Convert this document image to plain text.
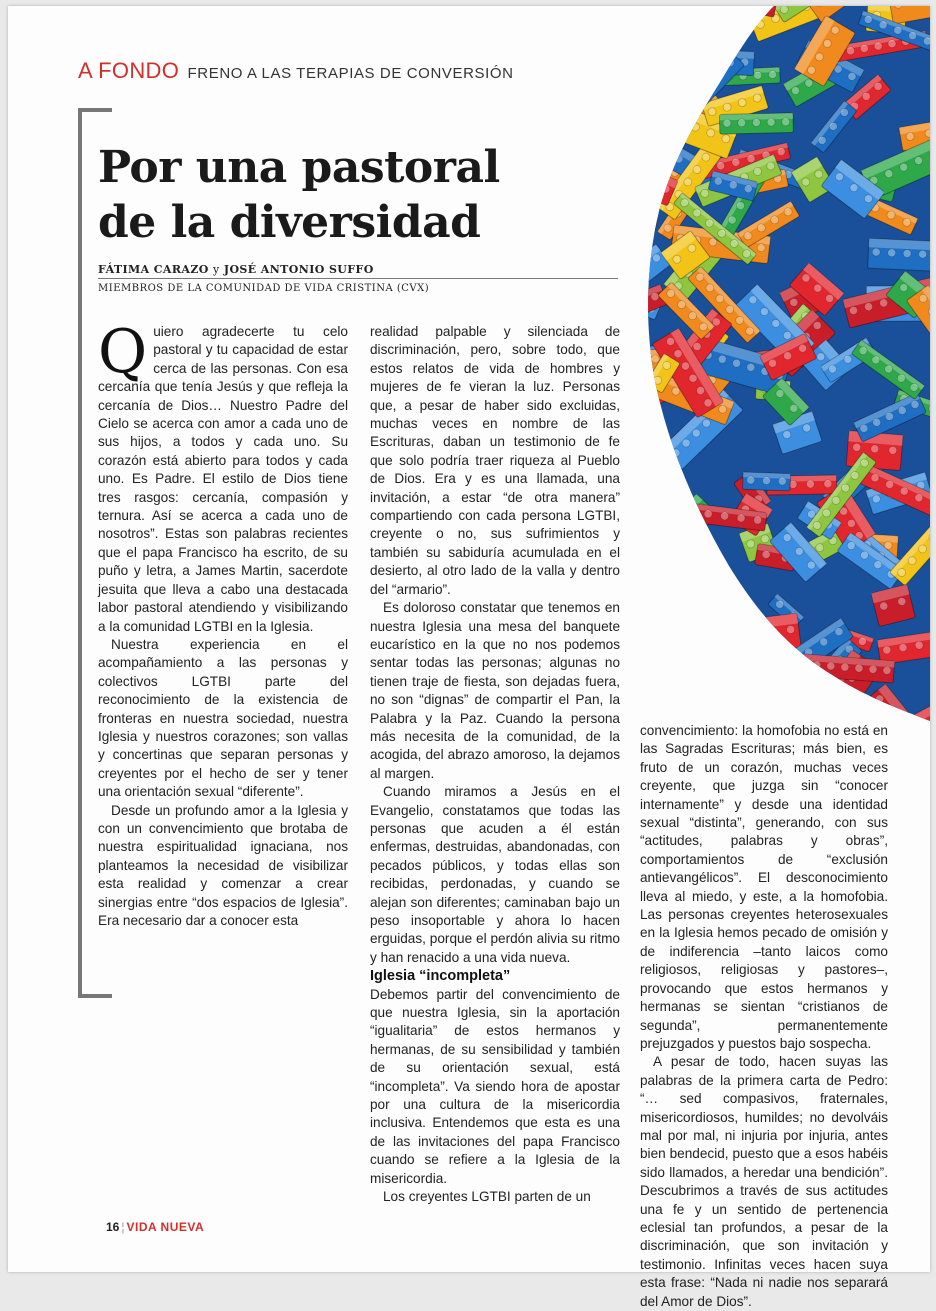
A FONDO FRENO A LAS TERAPIAS DE CONVERSIÓN
Por una pastoral
de la diversidad
FÁTIMA CARAZO y JOSÉ ANTONIO SUFFO
MIEMBROS DE LA COMUNIDAD DE VIDA CRISTINA (CVX)

Quiero agradecerte tu celo pastoral y tu capacidad de estar cerca de las personas. Con esa cercanía que tenía Jesús y que refleja la cercanía de Dios… Nuestro Padre del Cielo se acerca con amor a cada uno de sus hijos, a todos y cada uno. Su corazón está abierto para todos y cada uno. Es Padre. El estilo de Dios tiene tres rasgos: cercanía, compasión y ternura. Así se acerca a cada uno de nosotros”. Estas son palabras recientes que el papa Francisco ha escrito, de su puño y letra, a James Martin, sacerdote jesuita que lleva a cabo una destacada labor pastoral atendiendo y visibilizando a la comunidad LGTBI en la Iglesia.

Nuestra experiencia en el acompañamiento a las personas y colectivos LGTBI parte del reconocimiento de la existencia de fronteras en nuestra sociedad, nuestra Iglesia y nuestros corazones; son vallas y concertinas que separan personas y creyentes por el hecho de ser y tener una orientación sexual “diferente”.

Desde un profundo amor a la Iglesia y con un convencimiento que brotaba de nuestra espiritualidad ignaciana, nos planteamos la necesidad de visibilizar esta realidad y comenzar a crear sinergias entre “dos espacios de Iglesia”. Era necesario dar a conocer esta

realidad palpable y silenciada de discriminación, pero, sobre todo, que estos relatos de vida de hombres y mujeres de fe vieran la luz. Personas que, a pesar de haber sido excluidas, muchas veces en nombre de las Escrituras, daban un testimonio de fe que solo podría traer riqueza al Pueblo de Dios. Era y es una llamada, una invitación, a estar “de otra manera” compartiendo con cada persona LGTBI, creyente o no, sus sufrimientos y también su sabiduría acumulada en el desierto, al otro lado de la valla y dentro del “armario”.

Es doloroso constatar que tenemos en nuestra Iglesia una mesa del banquete eucarístico en la que no nos podemos sentar todas las personas; algunas no tienen traje de fiesta, son dejadas fuera, no son “dignas” de compartir el Pan, la Palabra y la Paz. Cuando la persona más necesita de la comunidad, de la acogida, del abrazo amoroso, la dejamos al margen.

Cuando miramos a Jesús en el Evangelio, constatamos que todas las personas que acuden a él están enfermas, destruidas, abandonadas, con pecados públicos, y todas ellas son recibidas, perdonadas, y cuando se alejan son diferentes; caminaban bajo un peso insoportable y ahora lo hacen erguidas, porque el perdón alivia su ritmo y han renacido a una vida nueva.

Iglesia “incompleta”

Debemos partir del convencimiento de que nuestra Iglesia, sin la aportación “igualitaria” de estos hermanos y hermanas, de su sensibilidad y también de su orientación sexual, está “incompleta”. Va siendo hora de apostar por una cultura de la misericordia inclusiva. Entendemos que esta es una de las invitaciones del papa Francisco cuando se refiere a la Iglesia de la misericordia.

Los creyentes LGTBI parten de un

convencimiento: la homofobia no está en las Sagradas Escrituras; más bien, es fruto de un corazón, muchas veces creyente, que juzga sin “conocer internamente” y desde una identidad sexual “distinta”, generando, con sus “actitudes, palabras y obras”, comportamientos de “exclusión antievangélicos”. El desconocimiento lleva al miedo, y este, a la homofobia. Las personas creyentes heterosexuales en la Iglesia hemos pecado de omisión y de indiferencia –tanto laicos como religiosos, religiosas y pastores–, provocando que estos hermanos y hermanas se sientan “cristianos de segunda”, permanentemente prejuzgados y puestos bajo sospecha.

A pesar de todo, hacen suyas las palabras de la primera carta de Pedro: “… sed compasivos, fraternales, misericordiosos, humildes; no devolváis mal por mal, ni injuria por injuria, antes bien bendecid, puesto que a esos habéis sido llamados, a heredar una bendición”. Descubrimos a través de sus actitudes una fe y un sentido de pertenencia eclesial tan profundos, a pesar de la discriminación, que son invitación y testimonio. Infinitas veces hacen suya esta frase: “Nada ni nadie nos separará del Amor de Dios”.

16 ¦ VIDA NUEVA
